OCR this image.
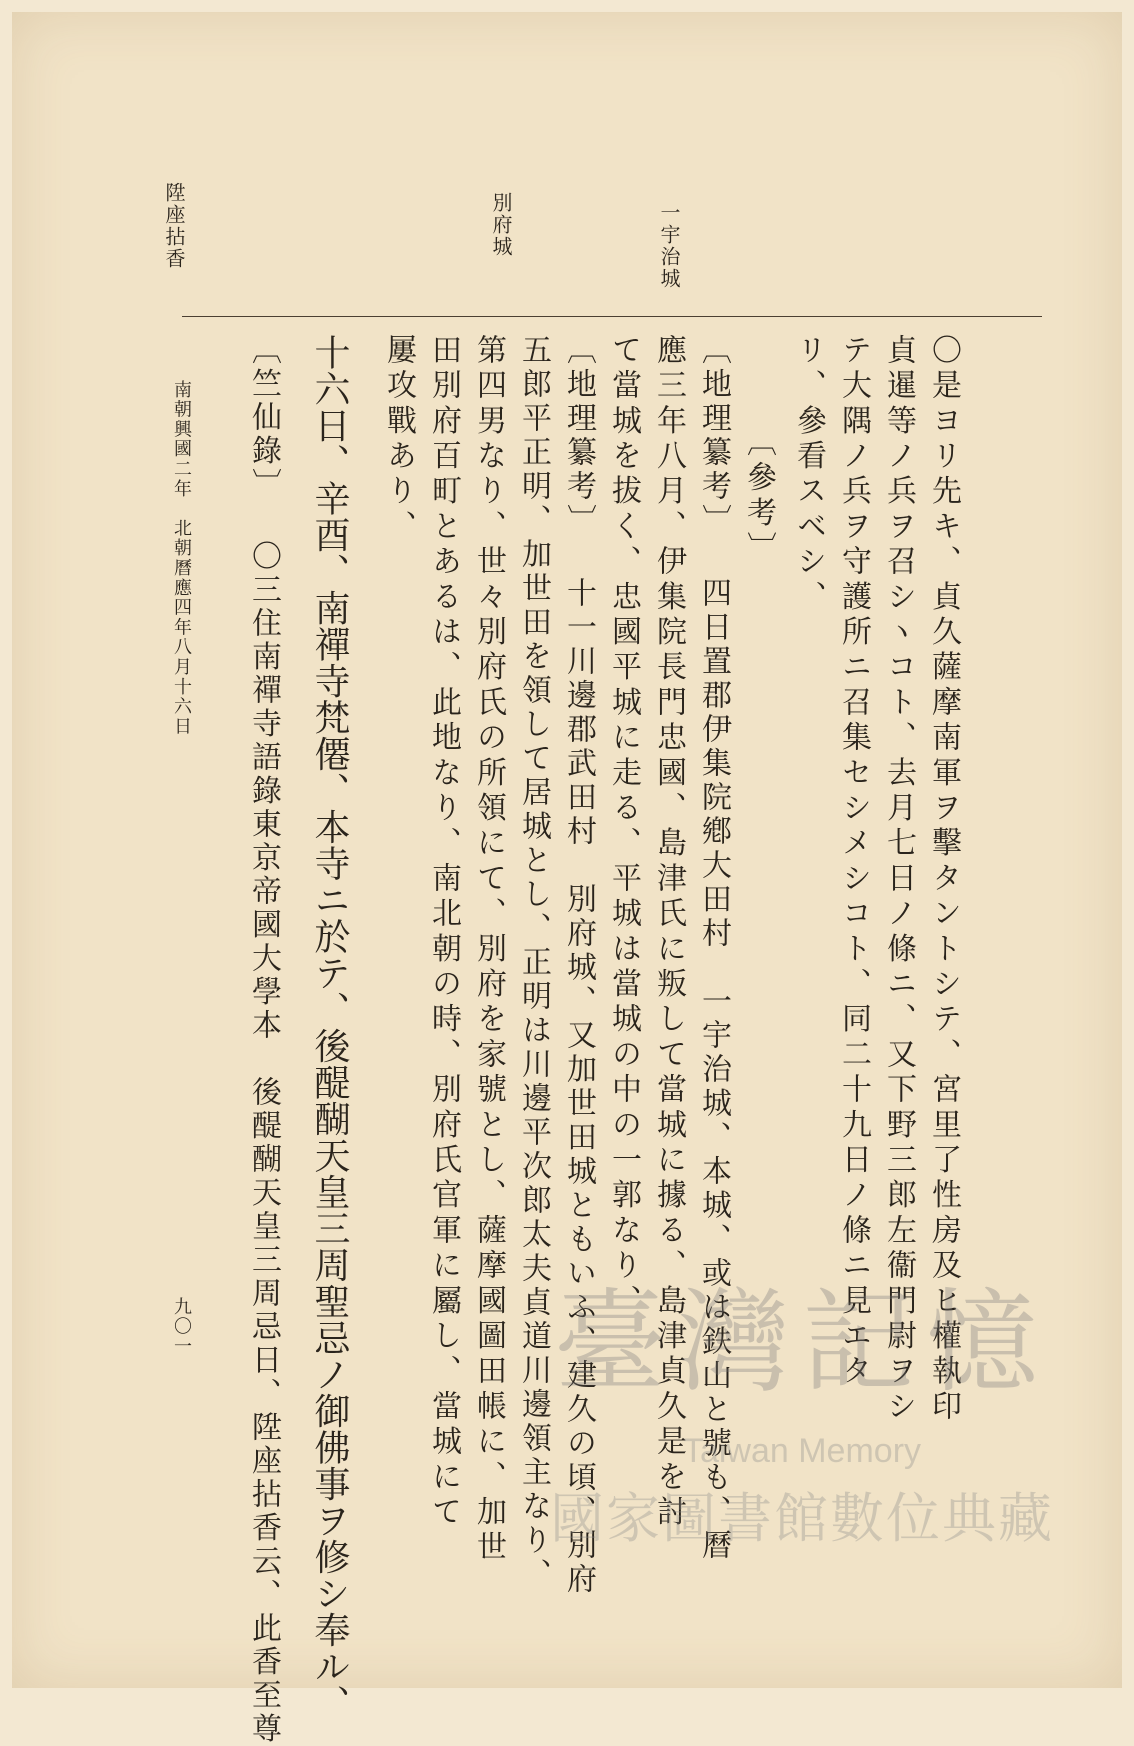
一宇治城
別府城
陞座拈香
〇是ヨリ先キ、貞久薩摩南軍ヲ擊タントシテ、宮里了性房及ヒ權執印
貞暹等ノ兵ヲ召シヽコト、去月七日ノ條ニ、又下野三郎左衞門尉ヲシ
テ大隅ノ兵ヲ守護所ニ召集セシメシコト、同二十九日ノ條ニ見エタ
リ、參看スベシ、
〔參考〕
〔地理纂考〕 四日置郡伊集院鄕大田村　一宇治城、本城、或は鉄山と號も、曆
應三年八月、伊集院長門忠國、島津氏に叛して當城に據る、島津貞久是を討
て當城を拔く、忠國平城に走る、平城は當城の中の一郭なり、
〔地理纂考〕 十一川邊郡武田村　別府城、又加世田城ともいふ、建久の頃、別府
五郎平正明、加世田を領して居城とし、正明は川邊平次郎太夫貞道川邊領主なり、
第四男なり、世々別府氏の所領にて、別府を家號とし、薩摩國圖田帳に、加世
田別府百町とあるは、此地なり、南北朝の時、別府氏官軍に屬し、當城にて
屢攻戰あり、
十六日、辛酉、南禪寺梵僊、本寺ニ於テ、後醍醐天皇三周聖忌ノ御佛事ヲ修シ奉ル、
〔竺仙錄〕 〇三住南禪寺語錄東京帝國大學本　後醍醐天皇三周忌日、陞座拈香云、此香至尊
南朝興國二年　北朝曆應四年八月十六日
九〇一	臺灣記憶
Taiwan Memory
國家圖書館數位典藏
